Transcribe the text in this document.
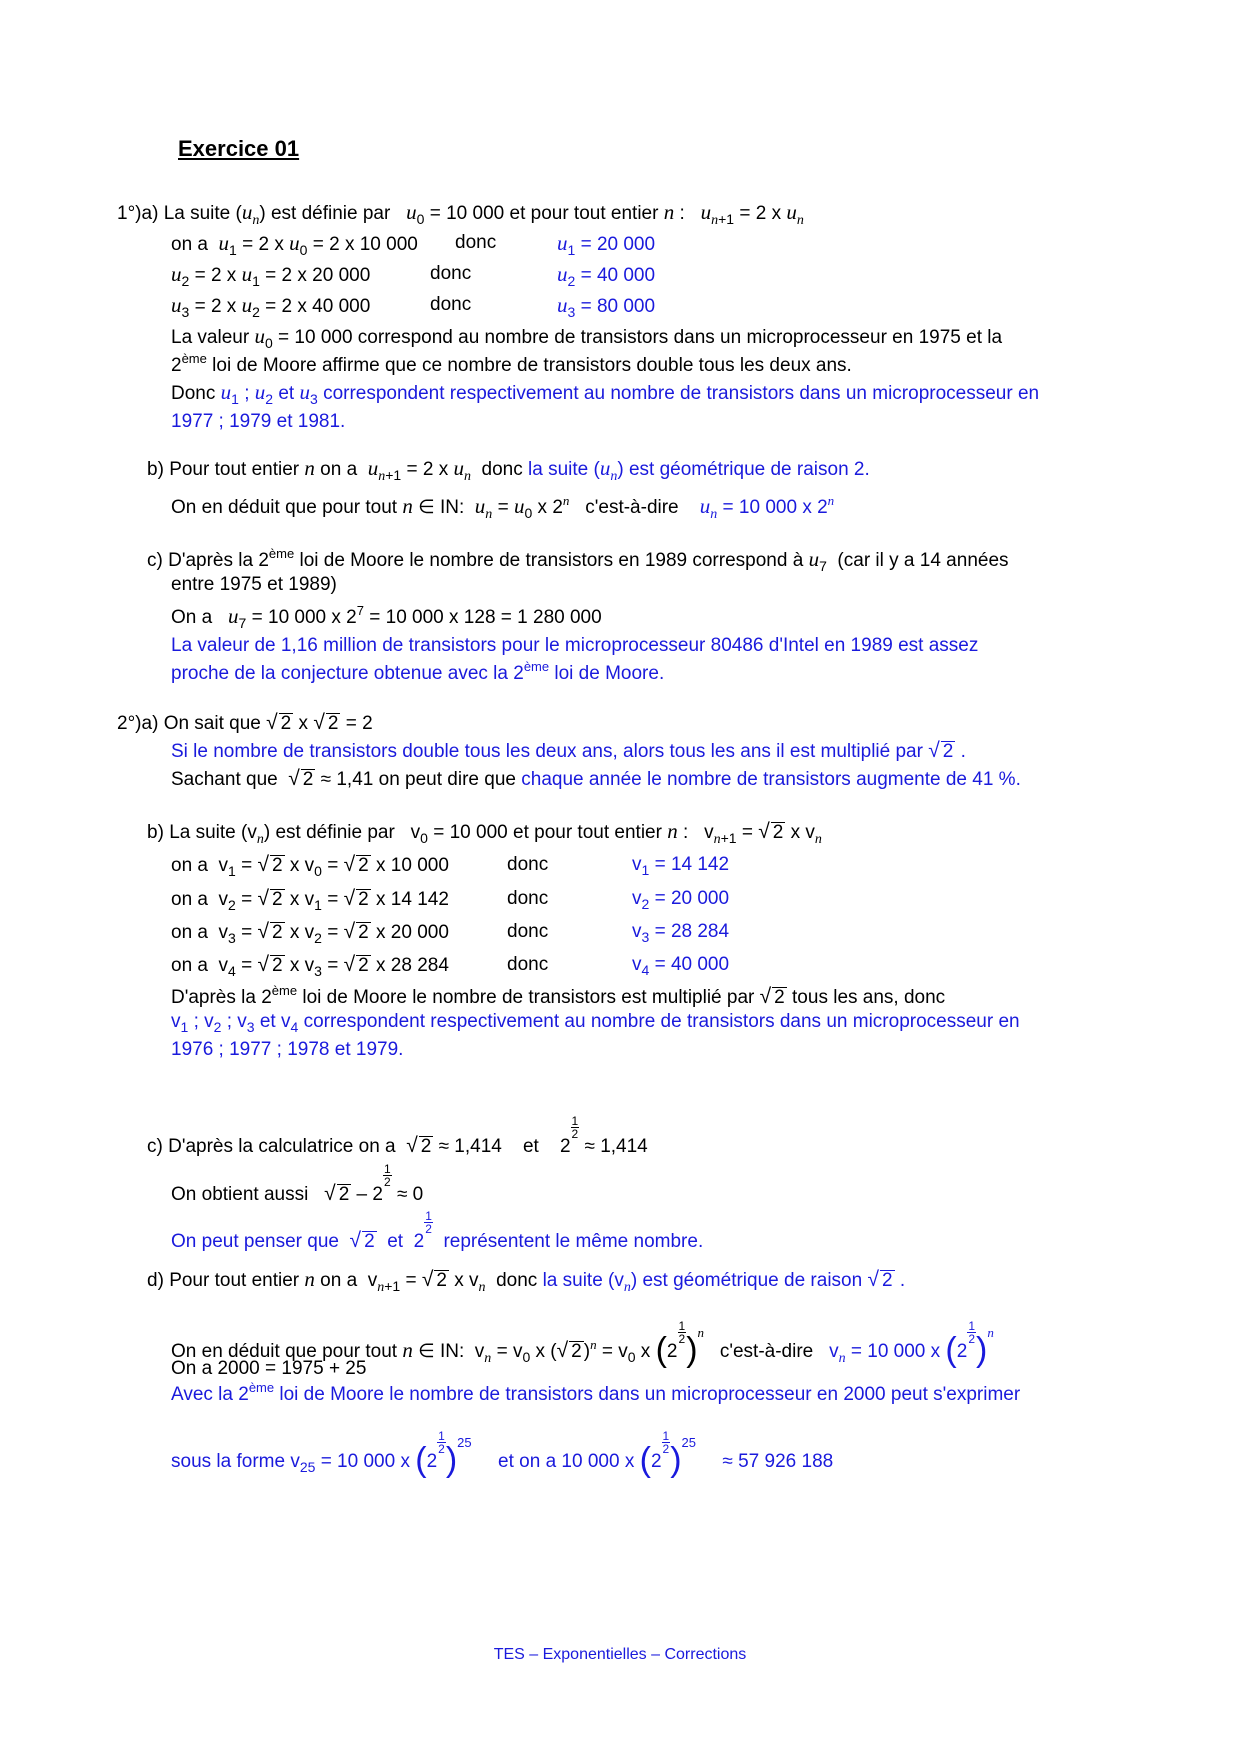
Exercice 01
1°)a) La suite $(u_n)$ est définie par $u_0 = 10$ 000 et pour tout entier n : $u_{n+1} = 2$ x $u_n$
on a $u_1 = 2$ x $u_0 = 2$ x 10 000 donc	$u_1 = 20$ 000
$u_2 = 2$ x $u_1 = 2$ x 20 000	donc	$u_2 = 40$ 000
$u_3 = 2$ x $u_2 = 2$ x 40 000	donc	$u_3 = 80$ 000
La valeur $u_0 = 10$ 000 correspond au nombre de transistors dans un microprocesseur en 1975 et la
2ème loi de Moore affirme que ce nombre de transistors double tous les deux ans.
Donc $u_1$ ; $u_2$ et $u_3$ correspondent respectivement au nombre de transistors dans un microprocesseur en
1977 ; 1979 et 1981.
b) Pour tout entier n on a $u_{n+1} = 2$ x $u_n$ donc la suite $(u_n)$ est géométrique de raison 2.
On en déduit que pour tout n ∈ IN: $u_n = u_0$ x 2$^n$ c'est-à-dire $u_n = 10$ 000 x 2$^n$
c) D'après la 2ème loi de Moore le nombre de transistors en 1989 correspond à $u_7$ (car il y a 14 années
entre 1975 et 1989)
On a $u_7 = 10$ 000 x $2^7 = 10$ 000 x 128 = 1 280 000
La valeur de 1,16 million de transistors pour le microprocesseur 80486 d'Intel en 1989 est assez
proche de la conjecture obtenue avec la 2ème loi de Moore.
2°)a) On sait que √ 2 x √ 2 = 2
Si le nombre de transistors double tous les deux ans, alors tous les ans il est multiplié par √ 2 .
Sachant que √ 2 ≈ 1,41 on peut dire que chaque année le nombre de transistors augmente de 41 %.
b) La suite $(v_n)$ est définie par   $v_0 = 10$ 000 et pour tout entier n :   $v_{n+1}$ = √ 2 x $v_n$
on a  $v_1$ = √ 2 x $v_0$ = √ 2 x 10 000	donc	$v_1 = 14$ 142
on a  $v_2$ = √ 2 x $v_1$ = √ 2 x 14 142	donc	$v_2 = 20$ 000
on a  $v_3$ = √ 2 x $v_2$ = √ 2 x 20 000	donc	$v_3 = 28$ 284
on a  $v_4$ = √ 2 x $v_3$ = √ 2 x 28 284	donc	$v_4 = 40$ 000
D'après la 2ème loi de Moore le nombre de transistors est multiplié par √ 2 tous les ans, donc
$v_1$ ; $v_2$ ; $v_3$ et $v_4$ correspondent respectivement au nombre de transistors dans un microprocesseur en
1976 ; 1977 ; 1978 et 1979.
c) D'après la calculatrice on a √ 2 ≈ 1,414 et    2
$\frac{1}{2}$
≈ 1,414
On obtient aussi √ 2 – 2
$\frac{1}{2}$
≈ 0
On peut penser que √ 2 et  2
$\frac{1}{2}$
représentent le même nombre.
d) Pour tout entier n on a  $v_{n+1}$ = √ 2 x $v_n$ donc la suite $(v_n)$ est géométrique de raison √ 2 .
On en déduit que pour tout n ∈ IN:  $v_n = v_0$ x (√ 2 )$^n = v_0$ x (2
$\frac{1}{2} )^n$   c'est-à-dire $v_n = 10$ 000 x (2
$\frac{1}{2} )^n$
On a 2000 = 1975 + 25
Avec la 2ème loi de Moore le nombre de transistors dans un microprocesseur en 2000 peut s'exprimer
sous la forme $v_{25} = 10$ 000 x (2
$\frac{1}{2} )^{25}$     et on a 10 000 x (2
$\frac{1}{2} )^{25}$     ≈ 57 926 188
TES – Exponentielles – Corrections
